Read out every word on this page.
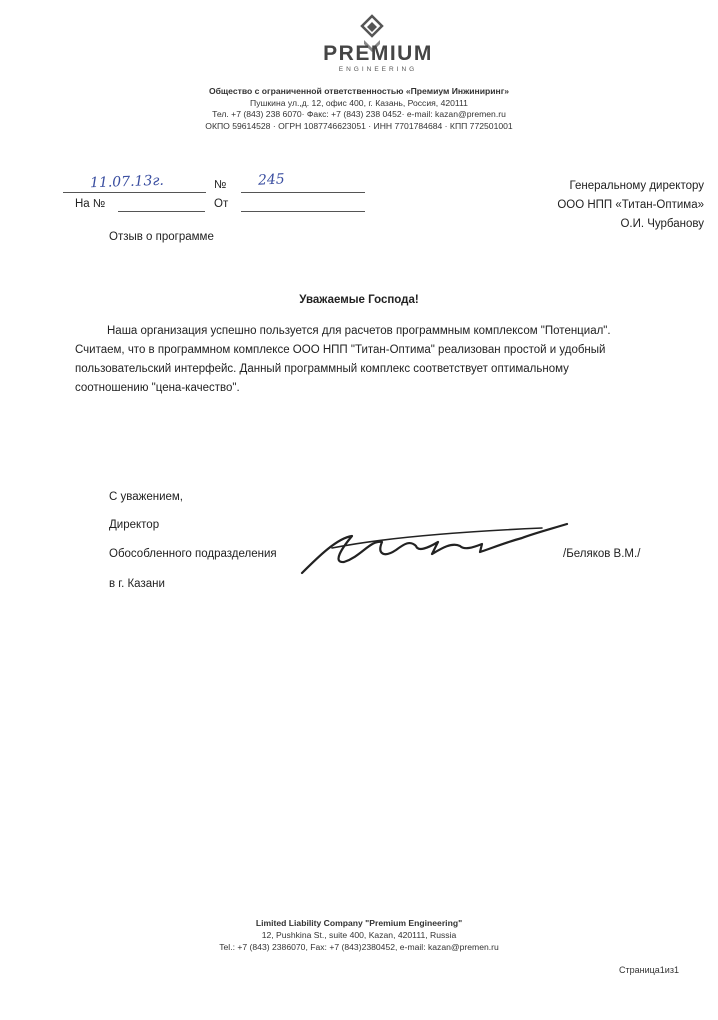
PREMIUM
ENGINEERING
Общество с ограниченной ответственностью «Премиум Инжиниринг»
Пушкина ул.,д. 12, офис 400, г. Казань, Россия, 420111
Тел. +7 (843) 238 6070· Факс: +7 (843) 238 0452· e-mail: kazan@premen.ru
ОКПО 59614528 · ОГРН 1087746623051 · ИНН 7701784684 · КПП 772501001
11.07.13г.	№ 245
На №	От
Генеральному директору
ООО НПП «Титан-Оптима»
О.И. Чурбанову
Отзыв о программе
Уважаемые Господа!

Наша организация успешно пользуется для расчетов программным комплексом "Потенциал".

Считаем, что в программном комплексе ООО НПП "Титан-Оптима" реализован простой и удобный

пользовательский интерфейс. Данный программный комплекс соответствует оптимальному

соотношению "цена-качество".

С уважением,
Директор
Обособленного подразделения
в г. Казани
/Беляков В.М./
Limited Liability Company "Premium Engineering"
12, Pushkina St., suite 400, Kazan, 420111, Russia
Tel.: +7 (843) 2386070, Fax: +7 (843)2380452, e-mail: kazan@premen.ru
Страница1из1
